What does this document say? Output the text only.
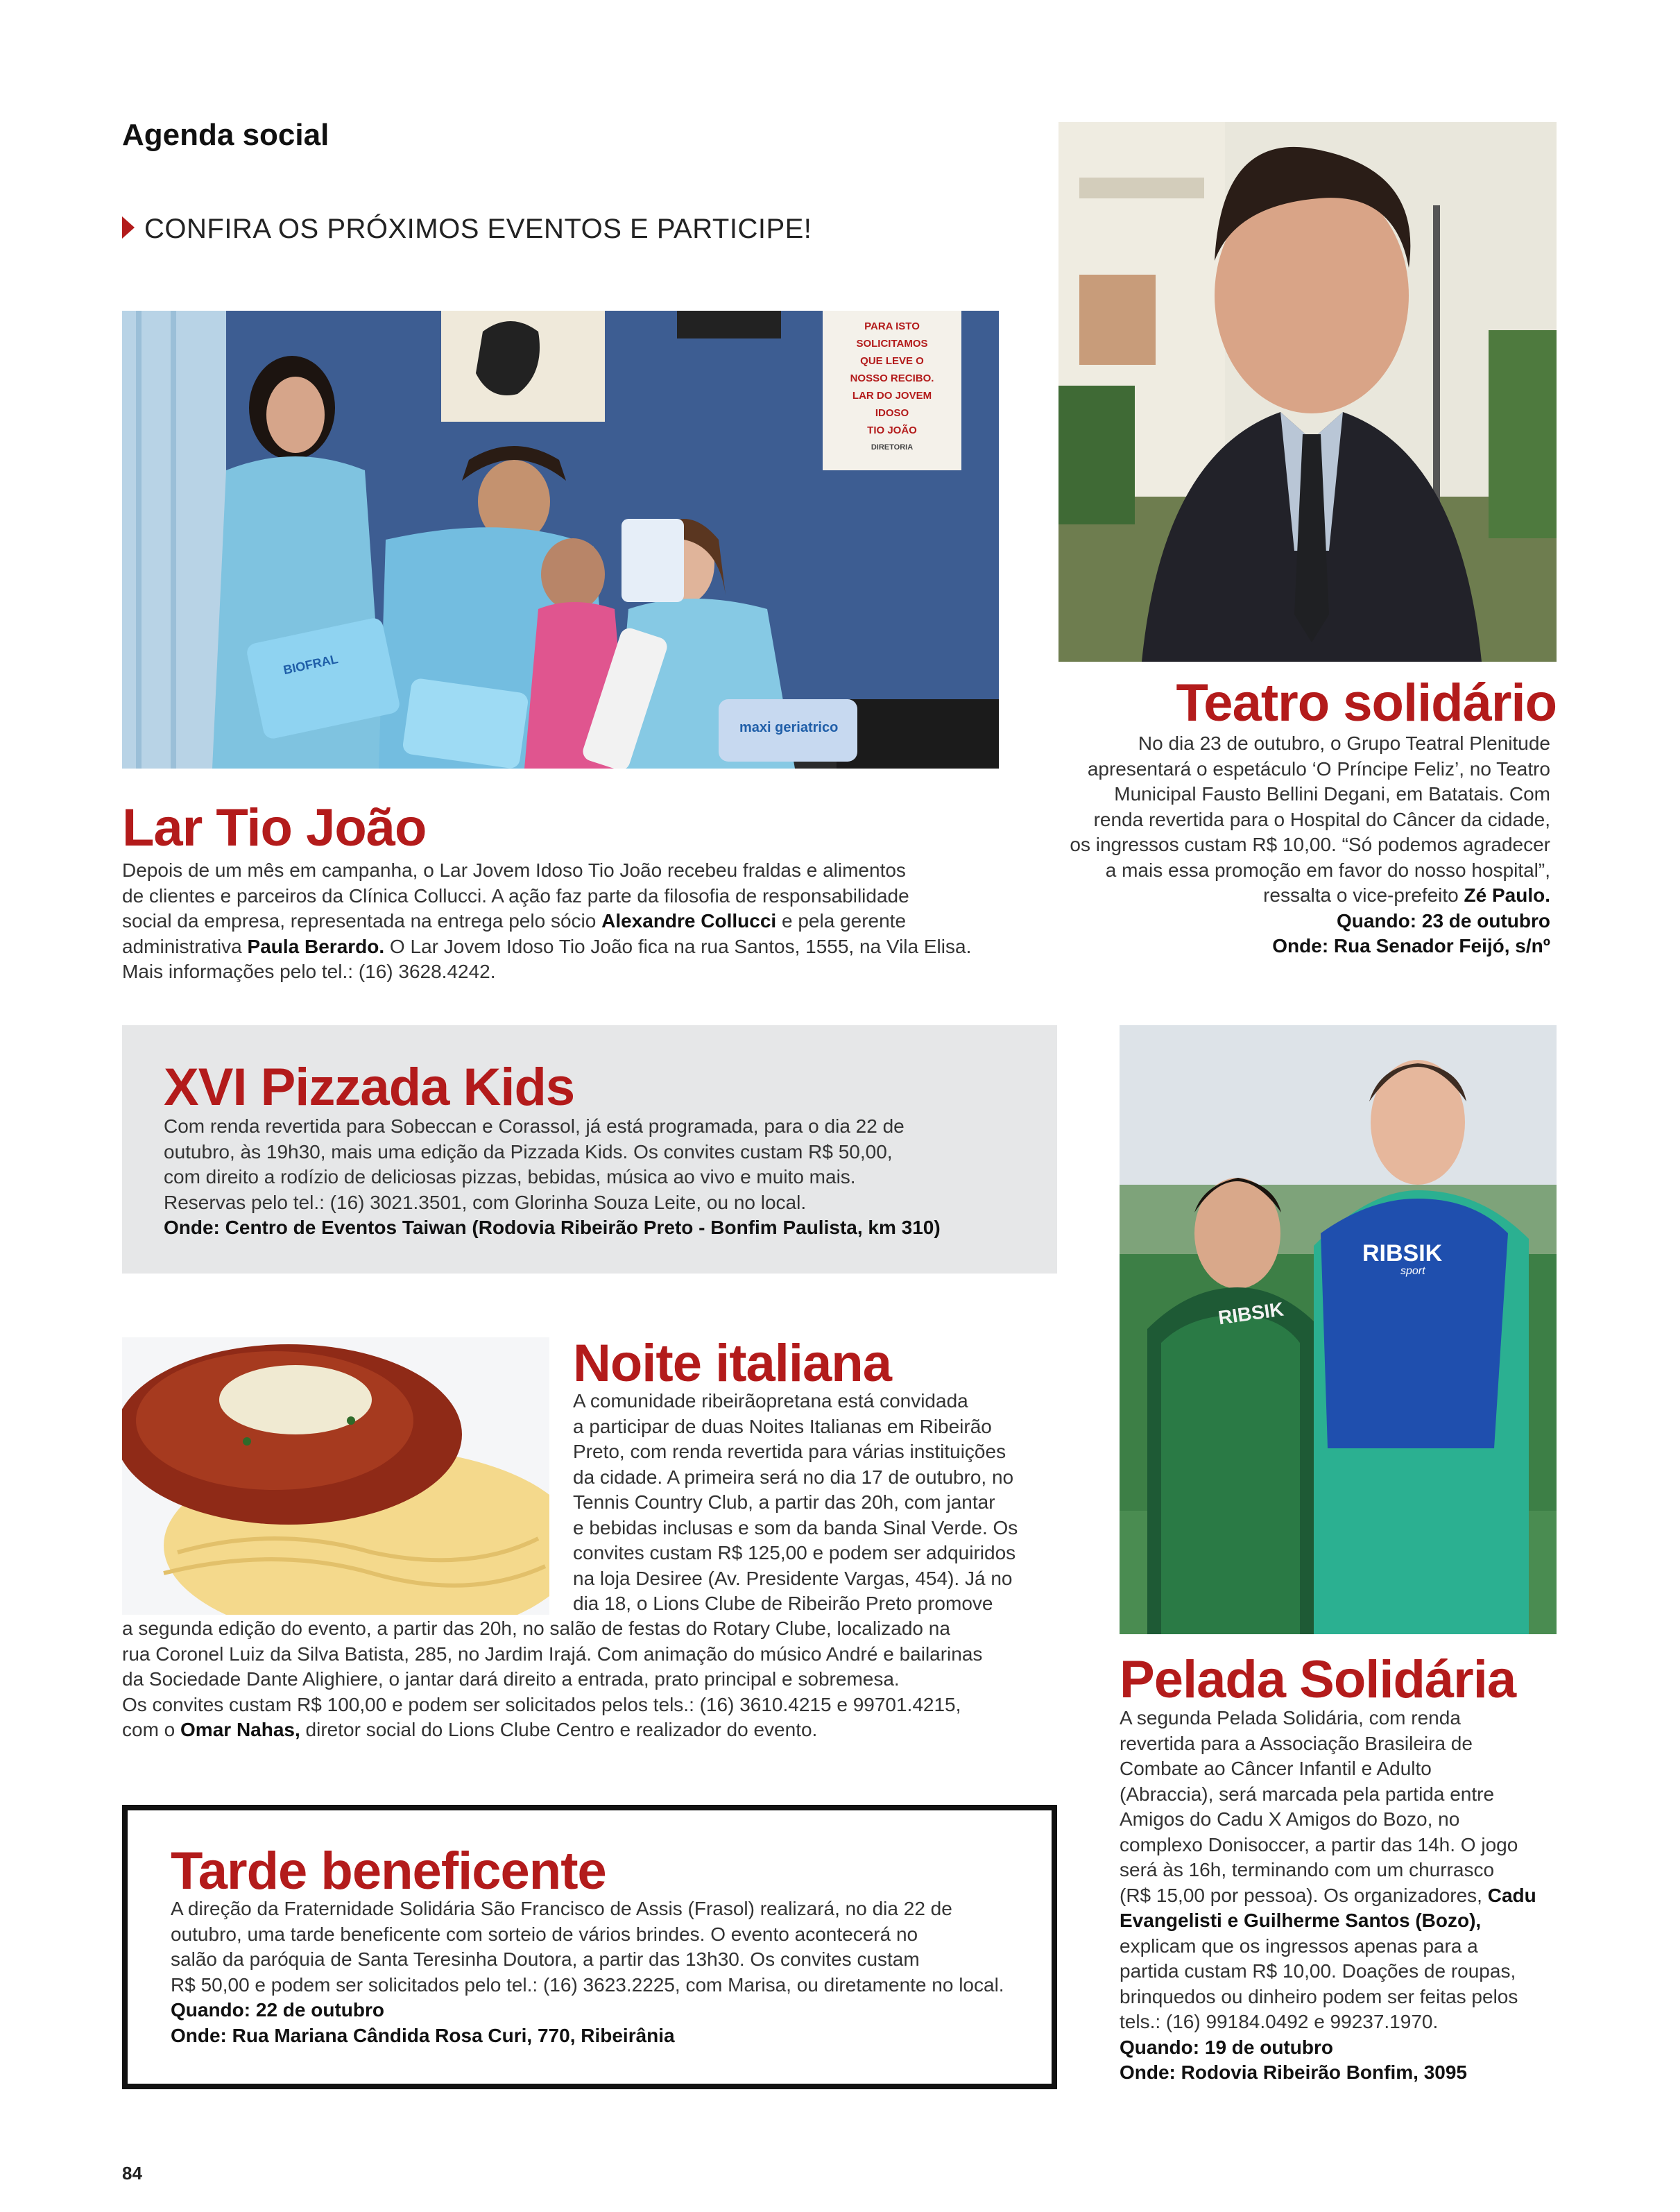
Agenda social
CONFIRA OS PRÓXIMOS EVENTOS E PARTICIPE!
PARA ISTO
SOLICITAMOS
QUE LEVE O
NOSSO RECIBO.
LAR DO JOVEM
IDOSO
TIO JOÃO
DIRETORIA
BIOFRAL
maxi geriatrico
Lar Tio João
Depois de um mês em campanha, o Lar Jovem Idoso Tio João recebeu fraldas e alimentos
de clientes e parceiros da Clínica Collucci. A ação faz parte da filosofia de responsabilidade
social da empresa, representada na entrega pelo sócio Alexandre Collucci e pela gerente
administrativa Paula Berardo. O Lar Jovem Idoso Tio João fica na rua Santos, 1555, na Vila Elisa.
Mais informações pelo tel.: (16) 3628.4242.
Teatro solidário
No dia 23 de outubro, o Grupo Teatral Plenitude
apresentará o espetáculo ‘O Príncipe Feliz’, no Teatro
Municipal Fausto Bellini Degani, em Batatais. Com
renda revertida para o Hospital do Câncer da cidade,
os ingressos custam R$ 10,00. “Só podemos agradecer
a mais essa promoção em favor do nosso hospital”,
ressalta o vice-prefeito Zé Paulo.
Quando: 23 de outubro
Onde: Rua Senador Feijó, s/nº
XVI Pizzada Kids
Com renda revertida para Sobeccan e Corassol, já está programada, para o dia 22 de
outubro, às 19h30, mais uma edição da Pizzada Kids. Os convites custam R$ 50,00,
com direito a rodízio de deliciosas pizzas, bebidas, música ao vivo e muito mais.
Reservas pelo tel.: (16) 3021.3501, com Glorinha Souza Leite, ou no local.
Onde: Centro de Eventos Taiwan (Rodovia Ribeirão Preto - Bonfim Paulista, km 310)
RIBSIK
RIBSIK
sport
Noite italiana
A comunidade ribeirãopretana está convidada
a participar de duas Noites Italianas em Ribeirão
Preto, com renda revertida para várias instituições
da cidade. A primeira será no dia 17 de outubro, no
Tennis Country Club, a partir das 20h, com jantar
e bebidas inclusas e som da banda Sinal Verde. Os
convites custam R$ 125,00 e podem ser adquiridos
na loja Desiree (Av. Presidente Vargas, 454). Já no
dia 18, o Lions Clube de Ribeirão Preto promove
a segunda edição do evento, a partir das 20h, no salão de festas do Rotary Clube, localizado na
rua Coronel Luiz da Silva Batista, 285, no Jardim Irajá. Com animação do músico André e bailarinas
da Sociedade Dante Alighiere, o jantar dará direito a entrada, prato principal e sobremesa.
Os convites custam R$ 100,00 e podem ser solicitados pelos tels.: (16) 3610.4215 e 99701.4215,
com o Omar Nahas, diretor social do Lions Clube Centro e realizador do evento.
Pelada Solidária
A segunda Pelada Solidária, com renda
revertida para a Associação Brasileira de
Combate ao Câncer Infantil e Adulto
(Abraccia), será marcada pela partida entre
Amigos do Cadu X Amigos do Bozo, no
complexo Donisoccer, a partir das 14h. O jogo
será às 16h, terminando com um churrasco
(R$ 15,00 por pessoa). Os organizadores, Cadu
Evangelisti e Guilherme Santos (Bozo),
explicam que os ingressos apenas para a
partida custam R$ 10,00. Doações de roupas,
brinquedos ou dinheiro podem ser feitas pelos
tels.: (16) 99184.0492 e 99237.1970.
Quando: 19 de outubro
Onde: Rodovia Ribeirão Bonfim, 3095
Tarde beneficente
A direção da Fraternidade Solidária São Francisco de Assis (Frasol) realizará, no dia 22 de
outubro, uma tarde beneficente com sorteio de vários brindes. O evento acontecerá no
salão da paróquia de Santa Teresinha Doutora, a partir das 13h30. Os convites custam
R$ 50,00 e podem ser solicitados pelo tel.: (16) 3623.2225, com Marisa, ou diretamente no local.
Quando: 22 de outubro
Onde: Rua Mariana Cândida Rosa Curi, 770, Ribeirânia
84
